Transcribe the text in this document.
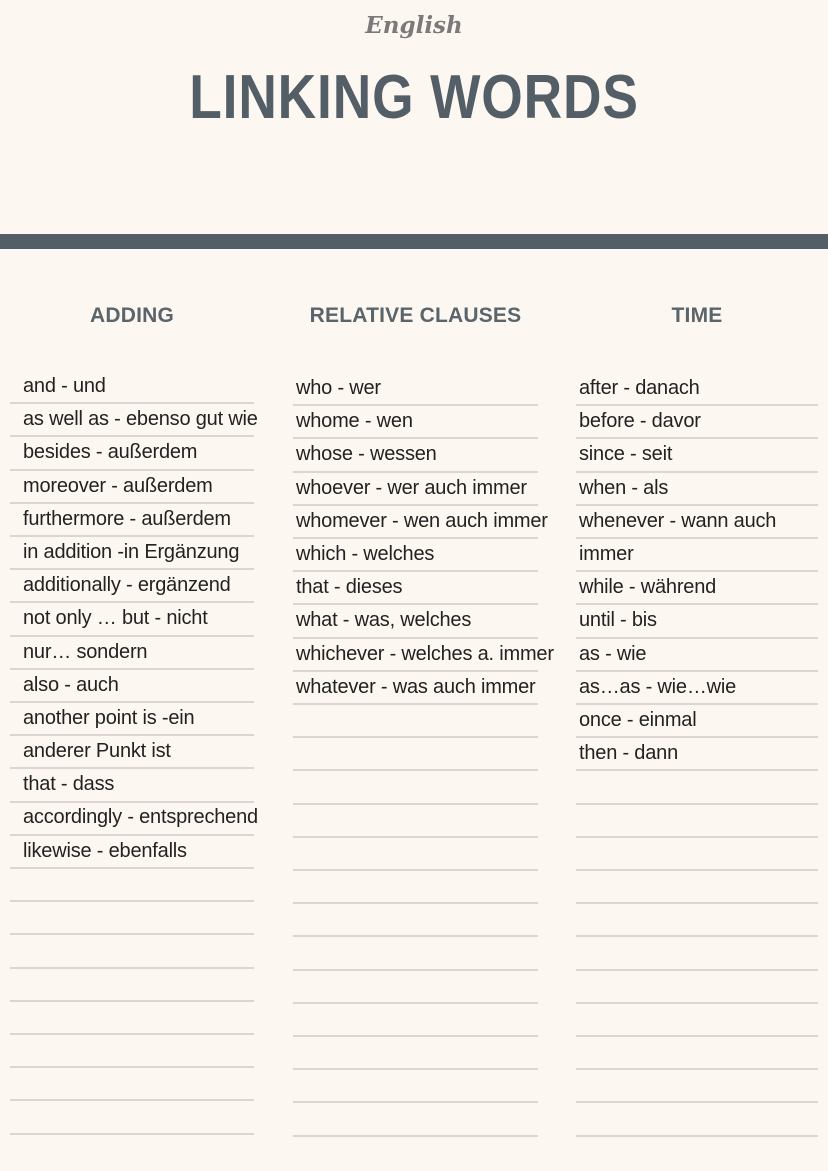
English
LINKING WORDS
ADDING
and - und
as well as - ebenso gut wie
besides - außerdem
moreover - außerdem
furthermore - außerdem
in addition -in Ergänzung
additionally - ergänzend
not only … but - nicht
nur… sondern
also - auch
another point is -ein
anderer Punkt ist
that - dass
accordingly - entsprechend
likewise - ebenfalls
RELATIVE CLAUSES
who - wer
whome - wen
whose - wessen
whoever - wer auch immer
whomever - wen auch immer
which - welches
that - dieses
what - was, welches
whichever - welches a. immer
whatever - was auch immer
TIME
after - danach
before - davor
since - seit
when - als
whenever - wann auch
immer
while - während
until - bis
as - wie
as…as - wie…wie
once - einmal
then - dann
